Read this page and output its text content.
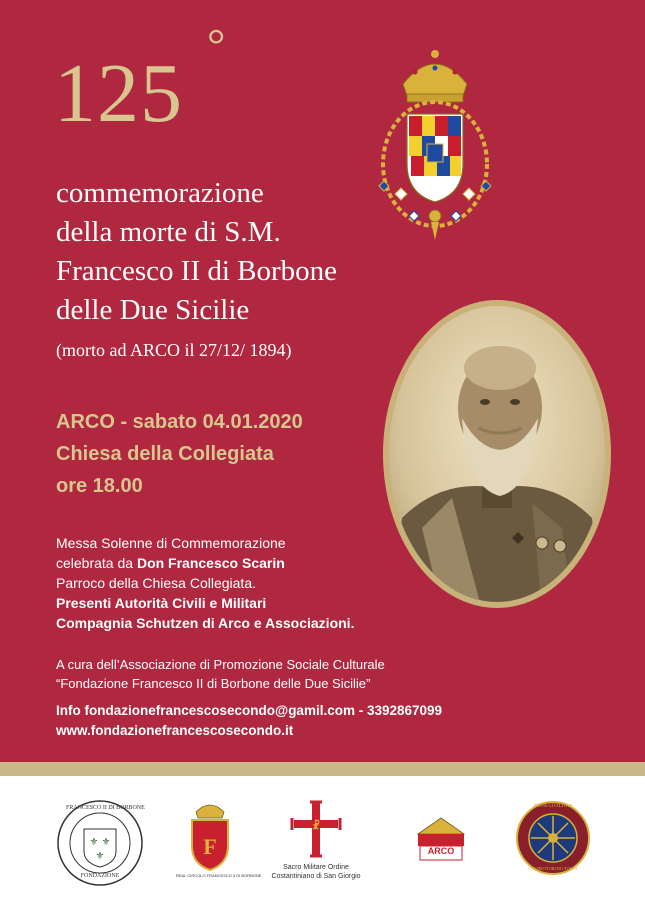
125
°
commemorazione
della morte di S.M.
Francesco II di Borbone
delle Due Sicilie
(morto ad ARCO il 27/12/ 1894)
ARCO - sabato 04.01.2020
Chiesa della Collegiata
ore 18.00
Messa Solenne di Commemorazione
celebrata da Don Francesco Scarin
Parroco della Chiesa Collegiata.
Presenti Autorità Civili e Militari
Compagnia Schutzen di Arco e Associazioni.
A cura dell’Associazione di Promozione Sociale Culturale
“Fondazione Francesco II di Borbone delle Due Sicilie”
Info fondazionefrancescosecondo@gamil.com - 3392867099
www.fondazionefrancescosecondo.it
⚜ ⚜
⚜
FRANCESCO II DI BORBONE
FONDAZIONE
F
REAL CIRCOLO FRANCESCO II DI BORBONE
☧
Sacro Militare Ordine
Costantiniano di San Giorgio
ARCO
NOVA CIVILITAS
COSTRUTTORI DI CIVILTÀ
